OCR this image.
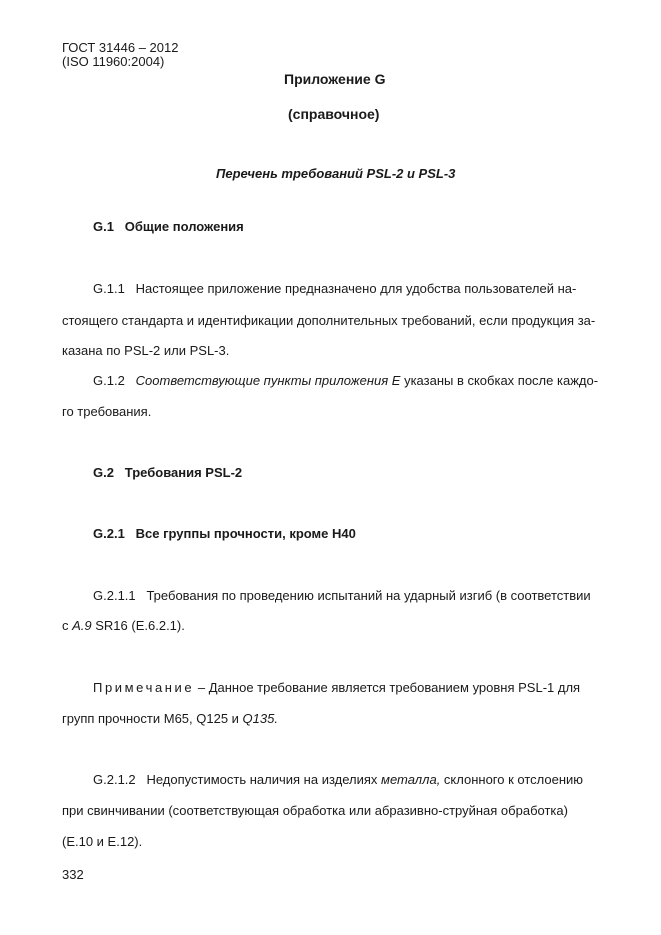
ГОСТ 31446 – 2012
(ISO 11960:2004)
Приложение G
(справочное)
Перечень требований PSL-2 и PSL-3
G.1   Общие положения
G.1.1   Настоящее приложение предназначено для удобства пользователей на-
стоящего стандарта и идентификации дополнительных требований, если продукция за-
казана по PSL-2 или PSL-3.
G.1.2   Соответствующие пункты приложения Е указаны в скобках после каждо-
го требования.
G.2   Требования PSL-2
G.2.1   Все группы прочности, кроме H40
G.2.1.1   Требования по проведению испытаний на ударный изгиб (в соответствии
с A.9 SR16 (E.6.2.1).
Примечание – Данное требование является требованием уровня PSL-1 для
групп прочности M65, Q125 и Q135.
G.2.1.2   Недопустимость наличия на изделиях металла, склонного к отслоению
при свинчивании (соответствующая обработка или абразивно-струйная обработка)
(E.10 и E.12).
332
